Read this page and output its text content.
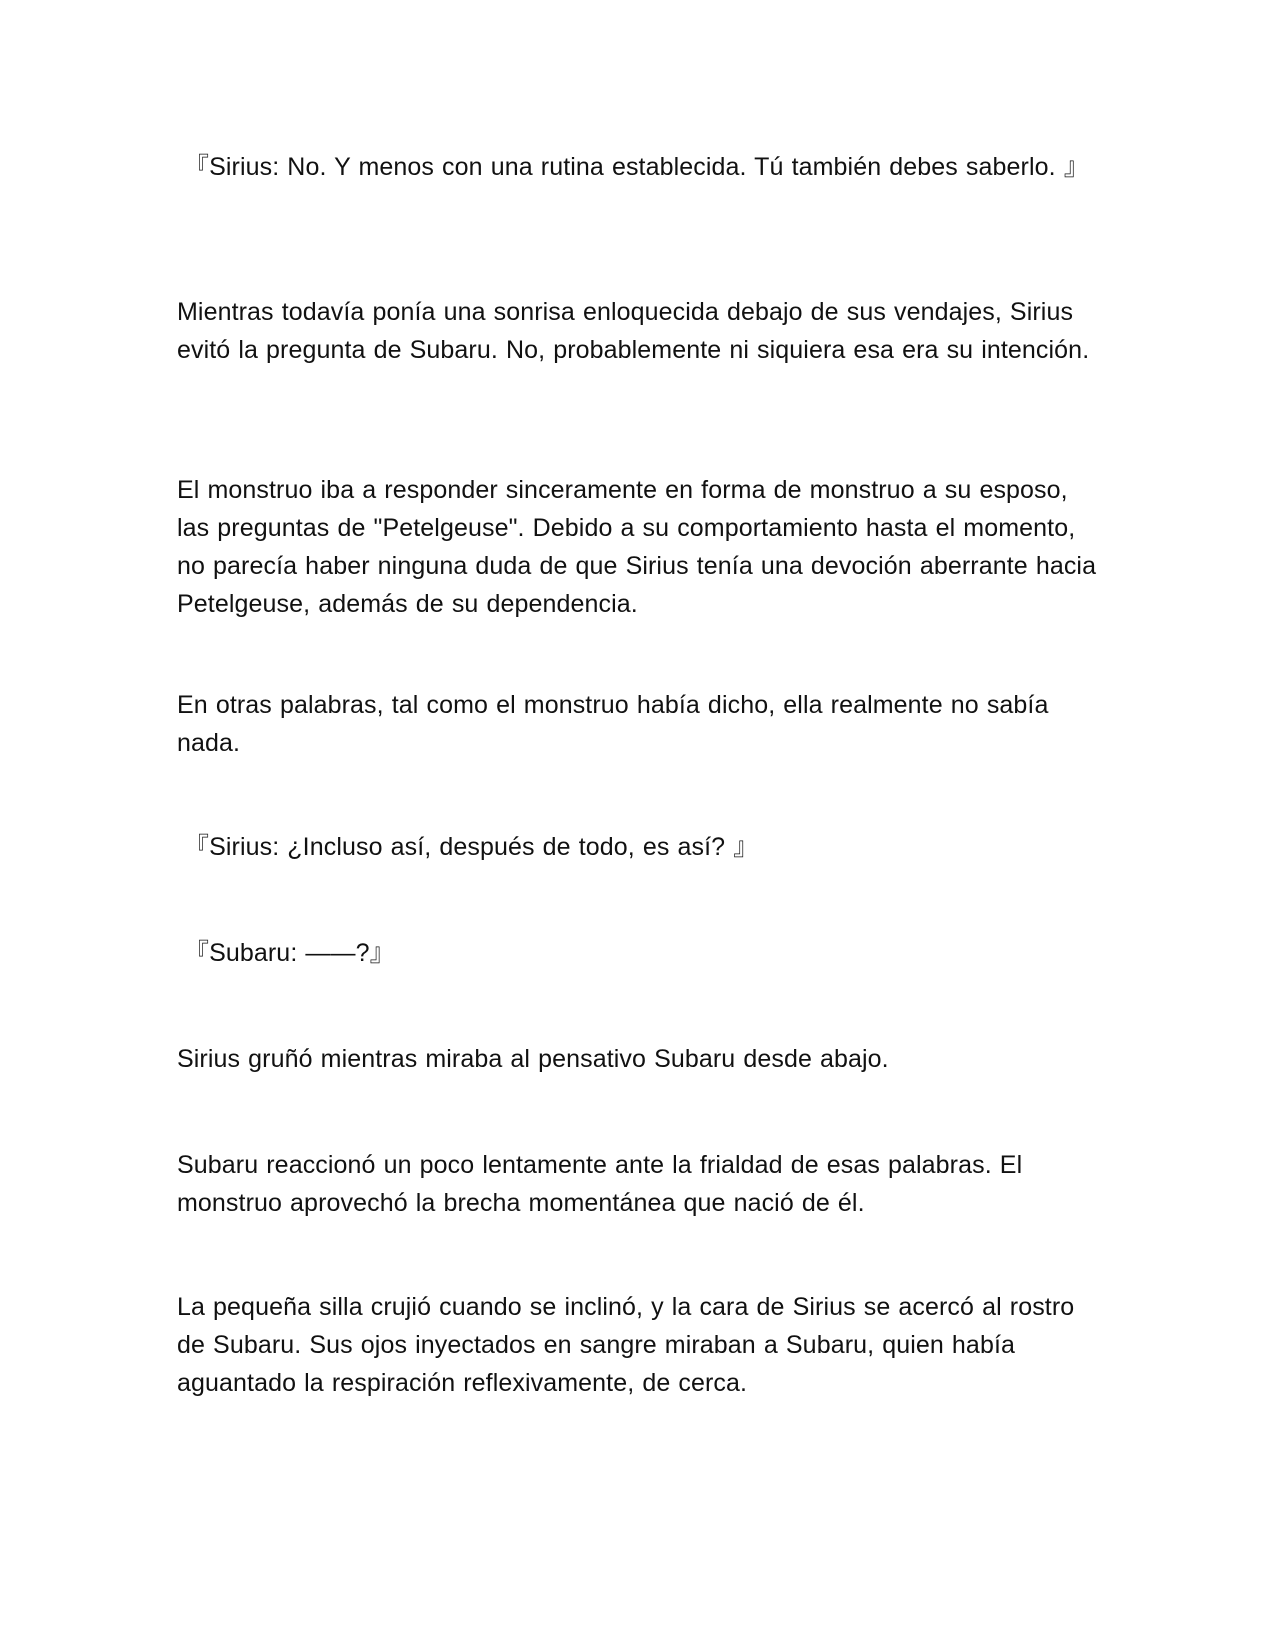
『Sirius: No. Y menos con una rutina establecida. Tú también debes saberlo. 』

Mientras todavía ponía una sonrisa enloquecida debajo de sus vendajes, Sirius evitó la pregunta de Subaru. No, probablemente ni siquiera esa era su intención.

El monstruo iba a responder sinceramente en forma de monstruo a su esposo, las preguntas de "Petelgeuse". Debido a su comportamiento hasta el momento, no parecía haber ninguna duda de que Sirius tenía una devoción aberrante hacia Petelgeuse, además de su dependencia.

En otras palabras, tal como el monstruo había dicho, ella realmente no sabía nada.

『Sirius: ¿Incluso así, después de todo, es así? 』

『Subaru: ——?』

Sirius gruñó mientras miraba al pensativo Subaru desde abajo.

Subaru reaccionó un poco lentamente ante la frialdad de esas palabras. El monstruo aprovechó la brecha momentánea que nació de él.

La pequeña silla crujió cuando se inclinó, y la cara de Sirius se acercó al rostro de Subaru. Sus ojos inyectados en sangre miraban a Subaru, quien había aguantado la respiración reflexivamente, de cerca.
